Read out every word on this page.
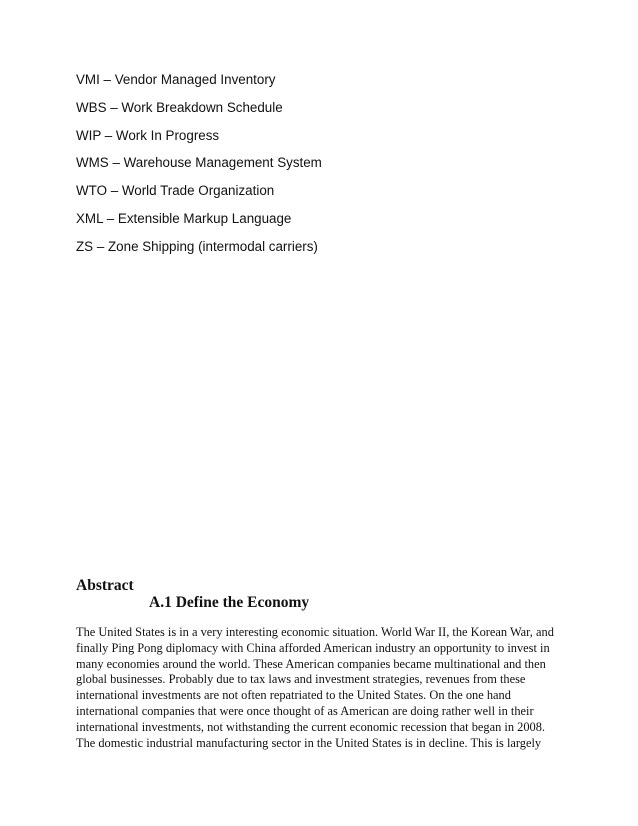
VMI – Vendor Managed Inventory
WBS – Work Breakdown Schedule
WIP – Work In Progress
WMS – Warehouse Management System
WTO – World Trade Organization
XML – Extensible Markup Language
ZS – Zone Shipping (intermodal carriers)
Abstract
A.1 Define the Economy

The United States is in a very interesting economic situation. World War II, the Korean War, and
finally Ping Pong diplomacy with China afforded American industry an opportunity to invest in
many economies around the world. These American companies became multinational and then
global businesses. Probably due to tax laws and investment strategies, revenues from these
international investments are not often repatriated to the United States. On the one hand
international companies that were once thought of as American are doing rather well in their
international investments, not withstanding the current economic recession that began in 2008.
The domestic industrial manufacturing sector in the United States is in decline. This is largely
